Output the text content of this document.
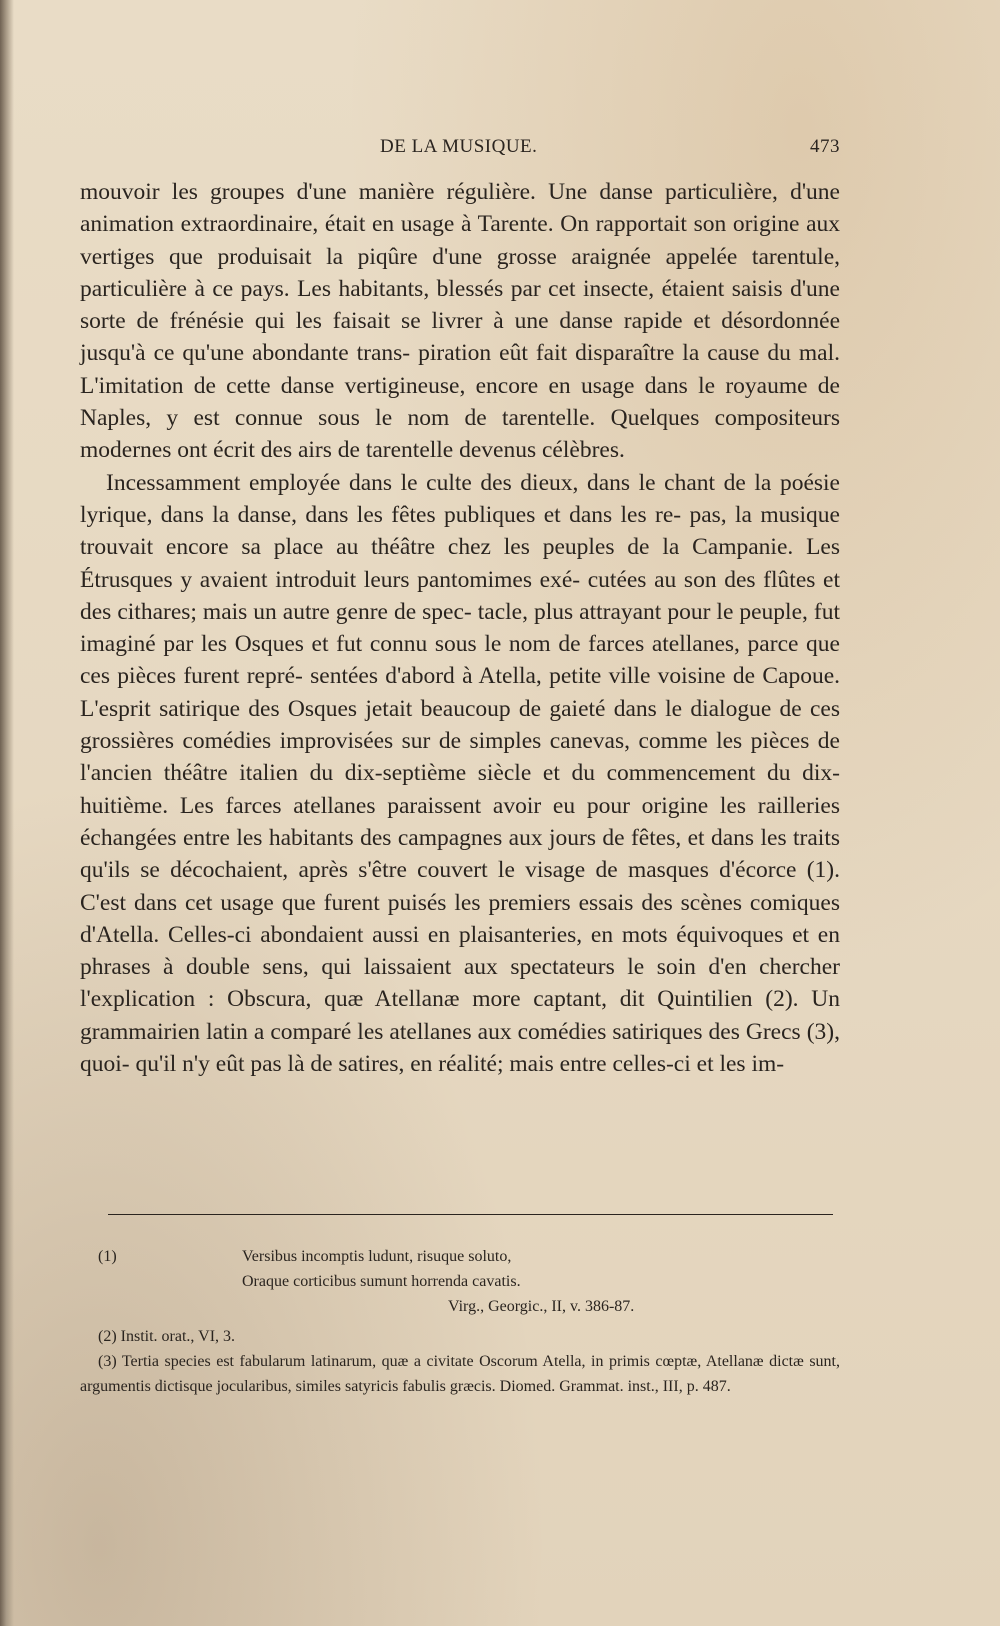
DE LA MUSIQUE.	473

mouvoir les groupes d'une manière régulière. Une danse particulière, d'une animation extraordinaire, était en usage à Tarente. On rapportait son origine aux vertiges que produisait la piqûre d'une grosse araignée appelée tarentule, particulière à ce pays. Les habitants, blessés par cet insecte, étaient saisis d'une sorte de frénésie qui les faisait se livrer à une danse rapide et désordonnée jusqu'à ce qu'une abondante trans- piration eût fait disparaître la cause du mal. L'imitation de cette danse vertigineuse, encore en usage dans le royaume de Naples, y est connue sous le nom de tarentelle. Quelques compositeurs modernes ont écrit des airs de tarentelle devenus célèbres.

Incessamment employée dans le culte des dieux, dans le chant de la poésie lyrique, dans la danse, dans les fêtes publiques et dans les re- pas, la musique trouvait encore sa place au théâtre chez les peuples de la Campanie. Les Étrusques y avaient introduit leurs pantomimes exé- cutées au son des flûtes et des cithares; mais un autre genre de spec- tacle, plus attrayant pour le peuple, fut imaginé par les Osques et fut connu sous le nom de farces atellanes, parce que ces pièces furent repré- sentées d'abord à Atella, petite ville voisine de Capoue. L'esprit satirique des Osques jetait beaucoup de gaieté dans le dialogue de ces grossières comédies improvisées sur de simples canevas, comme les pièces de l'ancien théâtre italien du dix-septième siècle et du commencement du dix-huitième. Les farces atellanes paraissent avoir eu pour origine les railleries échangées entre les habitants des campagnes aux jours de fêtes, et dans les traits qu'ils se décochaient, après s'être couvert le visage de masques d'écorce (1). C'est dans cet usage que furent puisés les premiers essais des scènes comiques d'Atella. Celles-ci abondaient aussi en plaisanteries, en mots équivoques et en phrases à double sens, qui laissaient aux spectateurs le soin d'en chercher l'explication : Obscura, quæ Atellanæ more captant, dit Quintilien (2). Un grammairien latin a comparé les atellanes aux comédies satiriques des Grecs (3), quoi- qu'il n'y eût pas là de satires, en réalité; mais entre celles-ci et les im-

(1)	Versibus incomptis ludunt, risuque soluto,
Oraque corticibus sumunt horrenda cavatis.
Virg., Georgic., II, v. 386-87.
(2) Instit. orat., VI, 3.
(3) Tertia species est fabularum latinarum, quæ a civitate Oscorum Atella, in primis cœptæ, Atellanæ dictæ sunt, argumentis dictisque jocularibus, similes satyricis fabulis græcis. Diomed. Grammat. inst., III, p. 487.
